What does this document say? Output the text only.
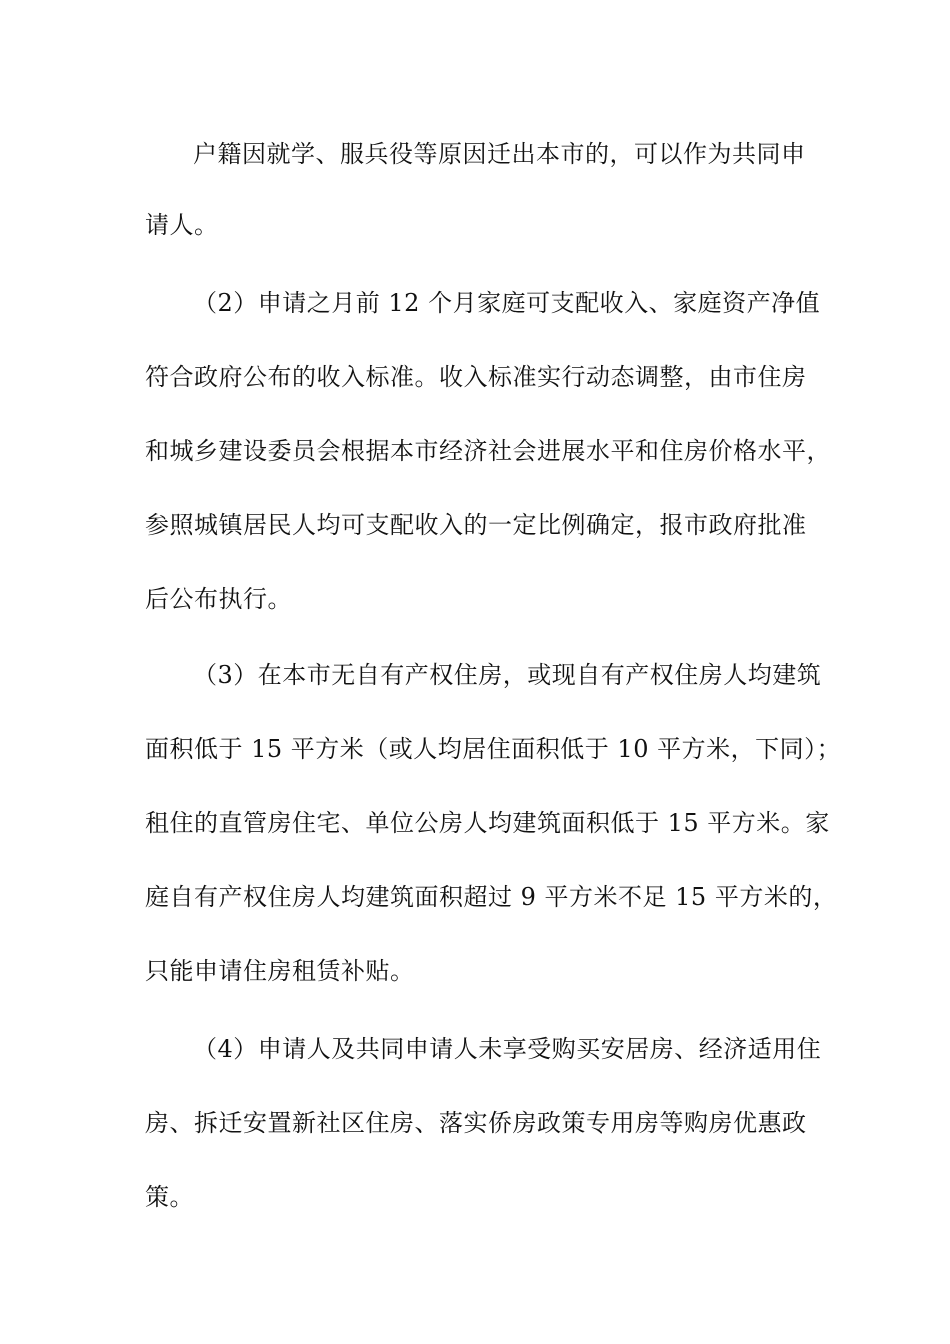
户籍因就学、服兵役等原因迁出本市的，可以作为共同申
请人。
（2）申请之月前 12 个月家庭可支配收入、家庭资产净值
符合政府公布的收入标准。收入标准实行动态调整，由市住房
和城乡建设委员会根据本市经济社会进展水平和住房价格水平，
参照城镇居民人均可支配收入的一定比例确定，报市政府批准
后公布执行。
（3）在本市无自有产权住房，或现自有产权住房人均建筑
面积低于 15 平方米（或人均居住面积低于 10 平方米，下同）；
租住的直管房住宅、单位公房人均建筑面积低于 15 平方米。家
庭自有产权住房人均建筑面积超过 9 平方米不足 15 平方米的，
只能申请住房租赁补贴。
（4）申请人及共同申请人未享受购买安居房、经济适用住
房、拆迁安置新社区住房、落实侨房政策专用房等购房优惠政
策。
